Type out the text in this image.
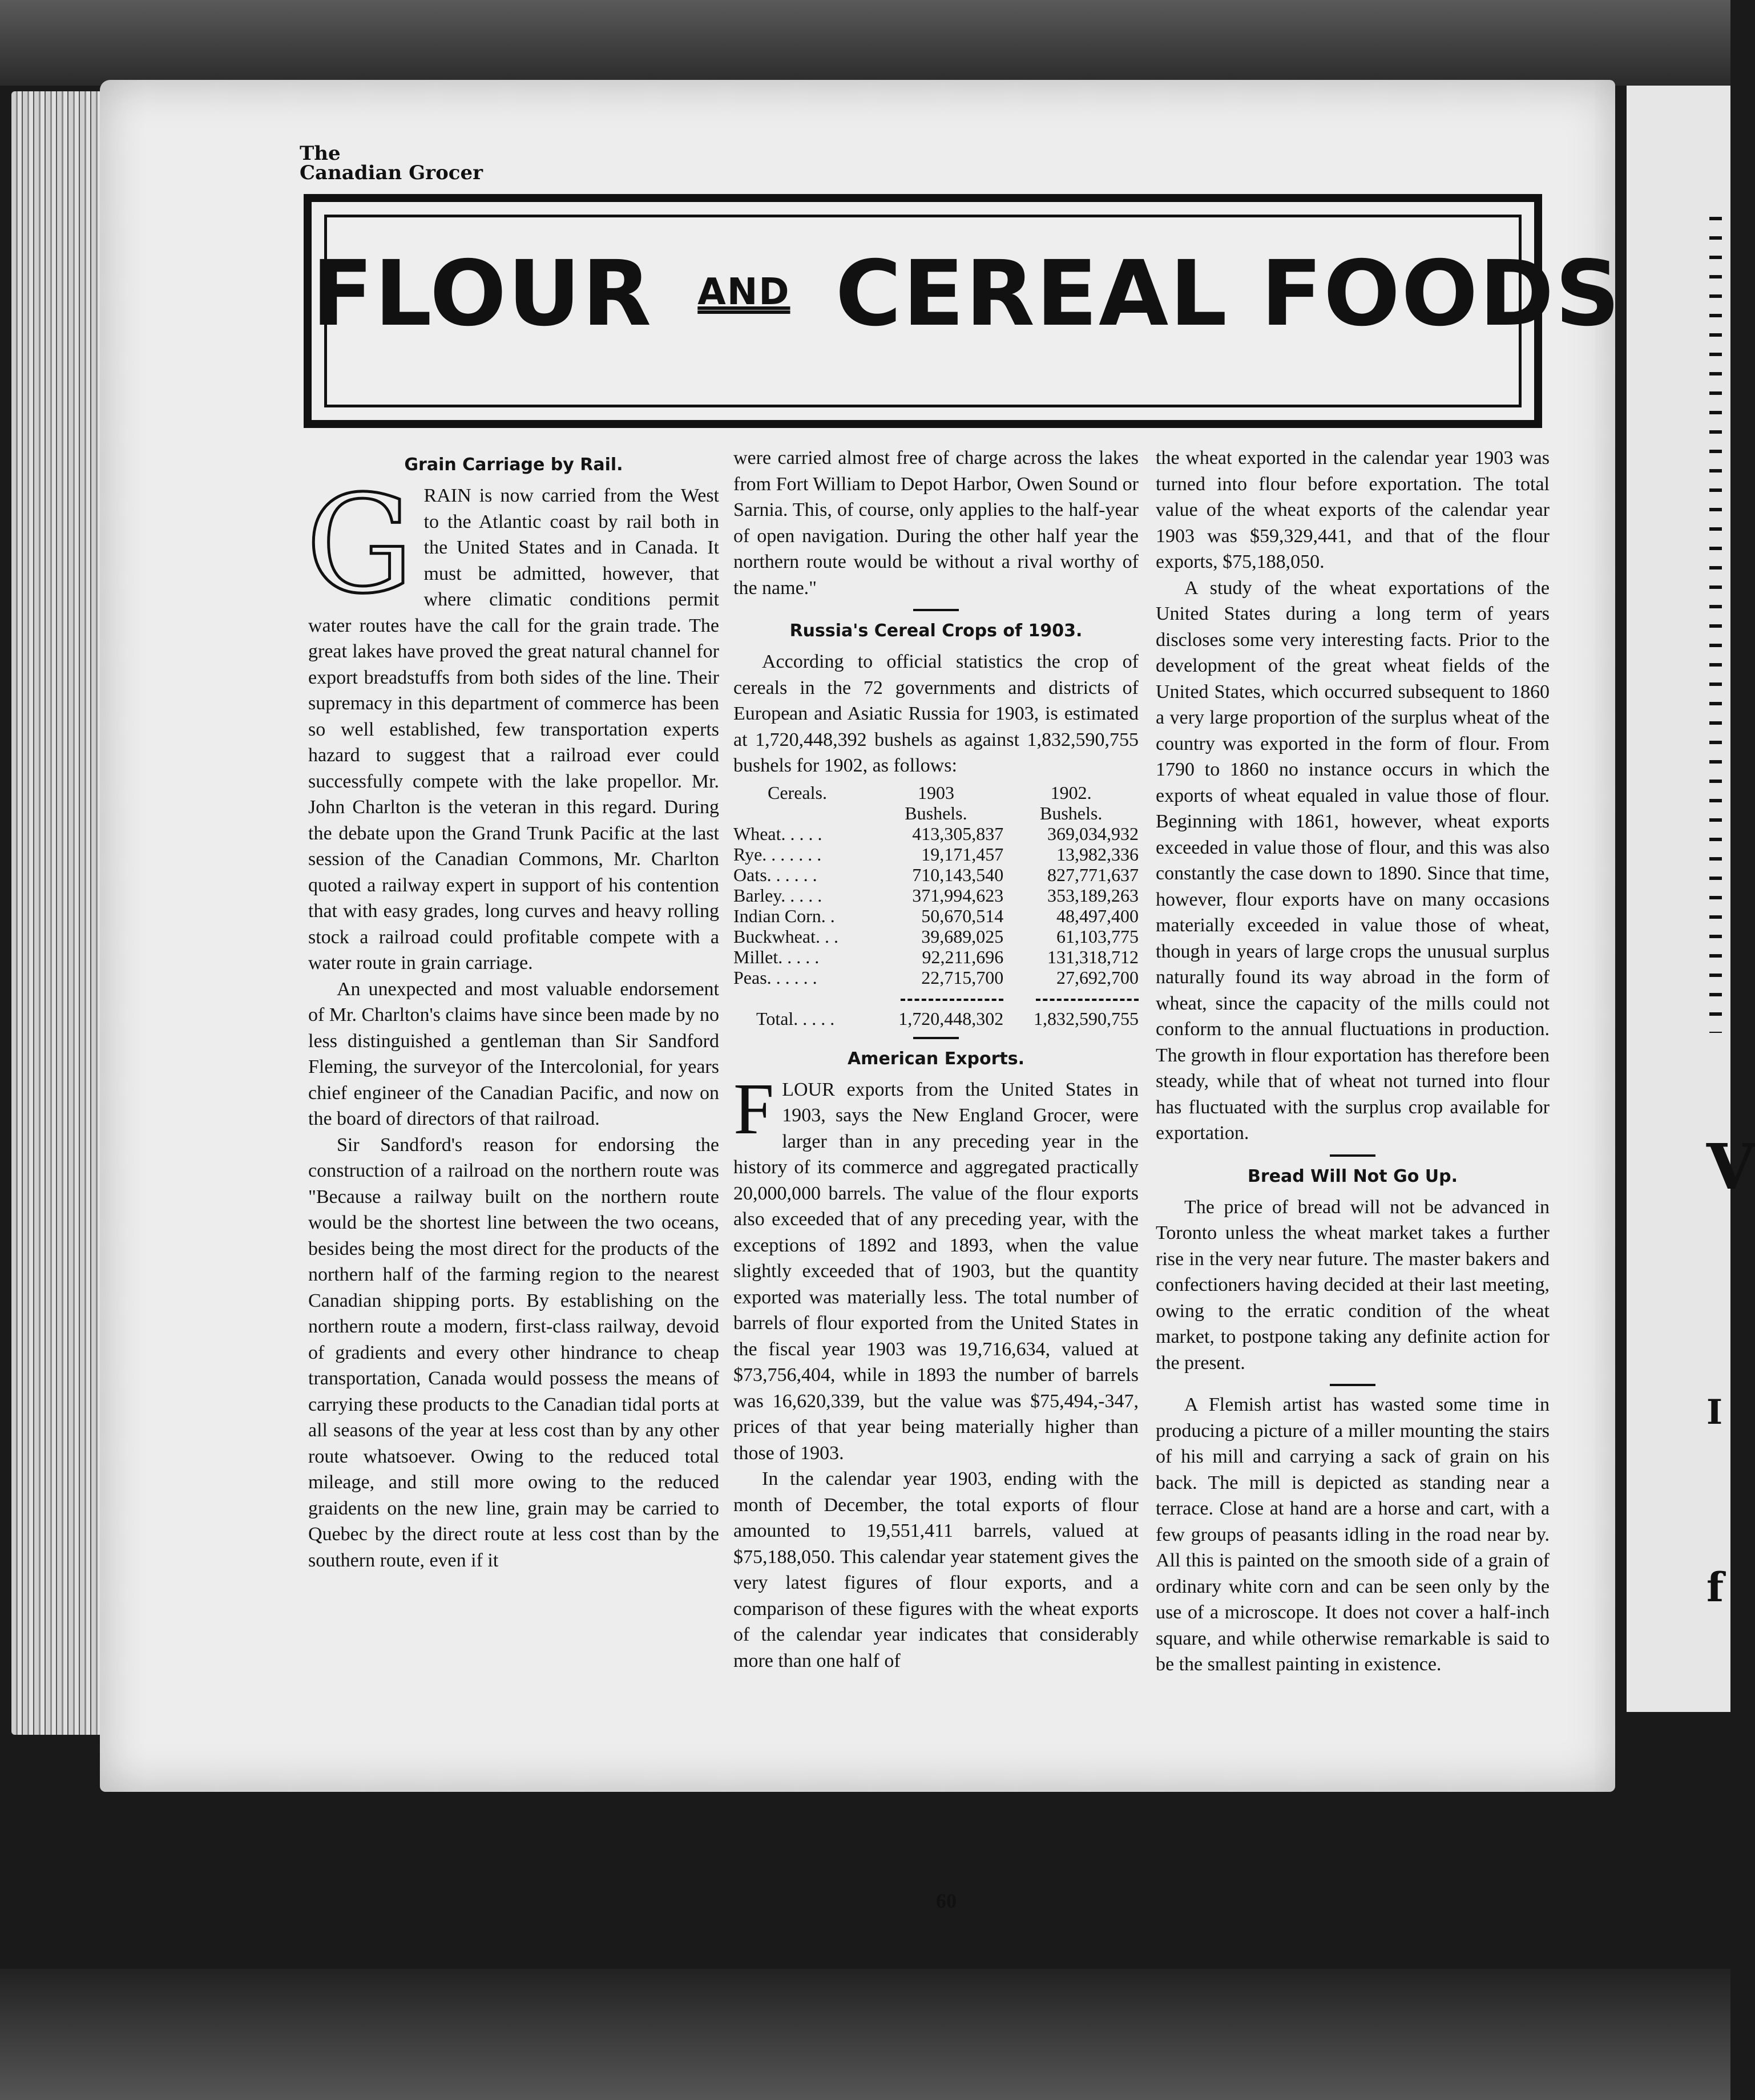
V
I
f
The
Canadian Grocer
FLOUR $^{AND}$ CEREAL FOODS
Grain Carriage by Rail.
G RAIN is now carried from the West to the Atlantic coast by rail both in the United States and in Canada. It must be admitted, however, that where climatic conditions permit water routes have the call for the grain trade. The great lakes have proved the great natural channel for export breadstuffs from both sides of the line. Their supremacy in this department of commerce has been so well established, few transportation experts hazard to suggest that a railroad ever could successfully compete with the lake propellor. Mr. John Charlton is the veteran in this regard. During the debate upon the Grand Trunk Pacific at the last session of the Canadian Commons, Mr. Charlton quoted a railway expert in support of his contention that with easy grades, long curves and heavy rolling stock a railroad could profitable compete with a water route in grain carriage.

An unexpected and most valuable endorsement of Mr. Charlton's claims have since been made by no less distinguished a gentleman than Sir Sandford Fleming, the surveyor of the Intercolonial, for years chief engineer of the Canadian Pacific, and now on the board of directors of that railroad.

Sir Sandford's reason for endorsing the construction of a railroad on the northern route was "Because a railway built on the northern route would be the shortest line between the two oceans, besides being the most direct for the products of the northern half of the farming region to the nearest Canadian shipping ports. By establishing on the northern route a modern, first-class railway, devoid of gradients and every other hindrance to cheap transportation, Canada would possess the means of carrying these products to the Canadian tidal ports at all seasons of the year at less cost than by any other route whatsoever. Owing to the reduced total mileage, and still more owing to the reduced graidents on the new line, grain may be carried to Quebec by the direct route at less cost than by the southern route, even if it

were carried almost free of charge across the lakes from Fort William to Depot Harbor, Owen Sound or Sarnia. This, of course, only applies to the half-year of open navigation. During the other half year the northern route would be without a rival worthy of the name."

Russia's Cereal Crops of 1903.

According to official statistics the crop of cereals in the 72 governments and districts of European and Asiatic Russia for 1903, is estimated at 1,720,448,392 bushels as against 1,832,590,755 bushels for 1902, as follows:

Cereals.	1903	1902.
	Bushels.	Bushels.
Wheat. . . . .	413,305,837	369,034,932
Rye. . . . . . .	19,171,457	13,982,336
Oats. . . . . .	710,143,540	827,771,637
Barley. . . . .	371,994,623	353,189,263
Indian Corn. .	50,670,514	48,497,400
Buckwheat. . .	39,689,025	61,103,775
Millet. . . . .	92,211,696	131,318,712
Peas. . . . . .	22,715,700	27,692,700

Total. . . . .	1,720,448,302	1,832,590,755
American Exports.
F LOUR exports from the United States in 1903, says the New England Grocer, were larger than in any preceding year in the history of its commerce and aggregated practically 20,000,000 barrels. The value of the flour exports also exceeded that of any preceding year, with the exceptions of 1892 and 1893, when the value slightly exceeded that of 1903, but the quantity exported was materially less. The total number of barrels of flour exported from the United States in the fiscal year 1903 was 19,716,634, valued at $73,756,404, while in 1893 the number of barrels was 16,620,339, but the value was $75,494,-347, prices of that year being materially higher than those of 1903.

In the calendar year 1903, ending with the month of December, the total exports of flour amounted to 19,551,411 barrels, valued at $75,188,050. This calendar year statement gives the very latest figures of flour exports, and a comparison of these figures with the wheat exports of the calendar year indicates that considerably more than one half of

the wheat exported in the calendar year 1903 was turned into flour before exportation. The total value of the wheat exports of the calendar year 1903 was $59,329,441, and that of the flour exports, $75,188,050.

A study of the wheat exportations of the United States during a long term of years discloses some very interesting facts. Prior to the development of the great wheat fields of the United States, which occurred subsequent to 1860 a very large proportion of the surplus wheat of the country was exported in the form of flour. From 1790 to 1860 no instance occurs in which the exports of wheat equaled in value those of flour. Beginning with 1861, however, wheat exports exceeded in value those of flour, and this was also constantly the case down to 1890. Since that time, however, flour exports have on many occasions materially exceeded in value those of wheat, though in years of large crops the unusual surplus naturally found its way abroad in the form of wheat, since the capacity of the mills could not conform to the annual fluctuations in production. The growth in flour exportation has therefore been steady, while that of wheat not turned into flour has fluctuated with the surplus crop available for exportation.

Bread Will Not Go Up.

The price of bread will not be advanced in Toronto unless the wheat market takes a further rise in the very near future. The master bakers and confectioners having decided at their last meeting, owing to the erratic condition of the wheat market, to postpone taking any definite action for the present.

A Flemish artist has wasted some time in producing a picture of a miller mounting the stairs of his mill and carrying a sack of grain on his back. The mill is depicted as standing near a terrace. Close at hand are a horse and cart, with a few groups of peasants idling in the road near by. All this is painted on the smooth side of a grain of ordinary white corn and can be seen only by the use of a microscope. It does not cover a half-inch square, and while otherwise remarkable is said to be the smallest painting in existence.

60
